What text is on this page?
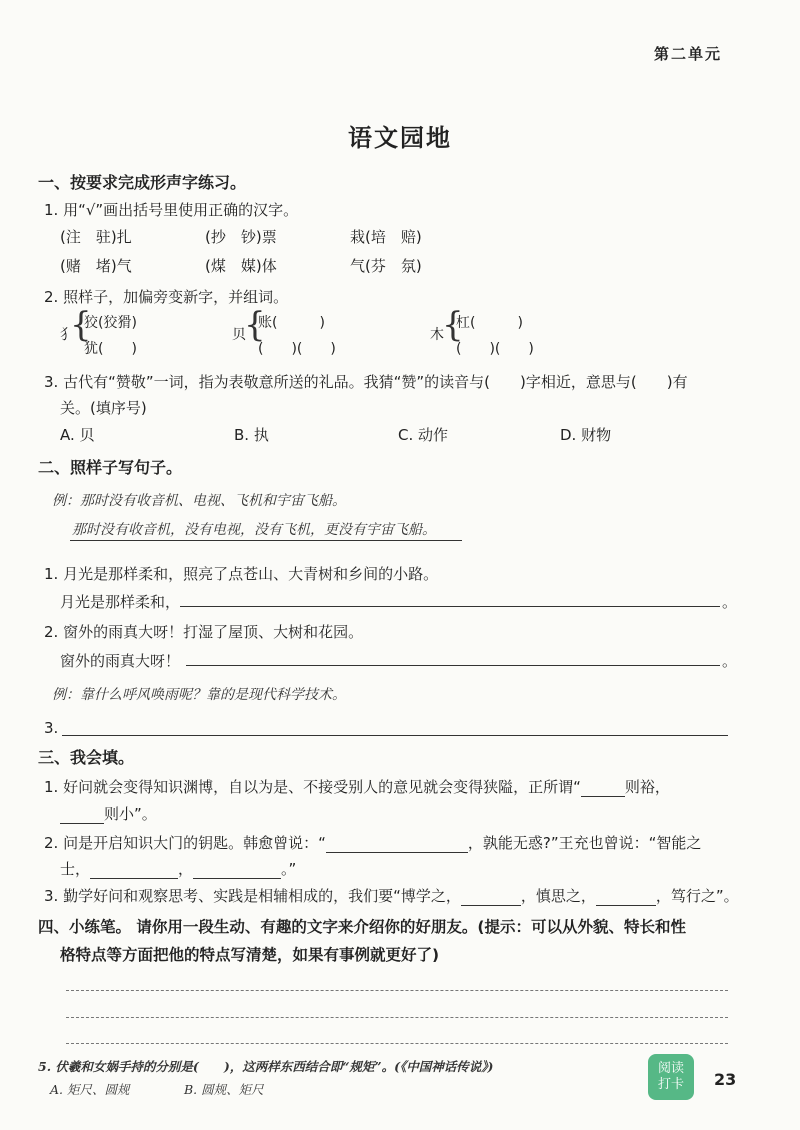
第二单元
语文园地
一、按要求完成形声字练习。
1. 用“√”画出括号里使用正确的汉字。
(注　驻)扎	(抄　钞)票	栽(培　赔)
(赌　堵)气	(煤　媒)体	气(芬　氛)
2. 照样子，加偏旁变新字，并组词。
犭
{
狡(狡猾)
犹(　　)
贝
{
账(　　　)
(　　)(　　)
木
{
杠(　　　)
(　　)(　　)
3. 古代有“赞敬”一词，指为表敬意所送的礼品。我猜“赞”的读音与(　　)字相近，意思与(　　)有
关。(填序号)
A. 贝	B. 执	C. 动作	D. 财物
二、照样子写句子。
例：那时没有收音机、电视、飞机和宇宙飞船。
那时没有收音机，没有电视，没有飞机，更没有宇宙飞船。
1. 月光是那样柔和，照亮了点苍山、大青树和乡间的小路。
月光是那样柔和，	。
2. 窗外的雨真大呀！打湿了屋顶、大树和花园。
窗外的雨真大呀！	。
例：靠什么呼风唤雨呢？靠的是现代科学技术。
3.
三、我会填。
1. 好问就会变得知识渊博，自以为是、不接受别人的意见就会变得狭隘，正所谓“	则裕，
则小”。
2. 问是开启知识大门的钥匙。韩愈曾说：“	，孰能无惑?”王充也曾说：“智能之
士，	，	。”
3. 勤学好问和观察思考、实践是相辅相成的，我们要“博学之，	，慎思之，	，笃行之”。
四、小练笔。 请你用一段生动、有趣的文字来介绍你的好朋友。(提示：可以从外貌、特长和性
格特点等方面把他的特点写清楚，如果有事例就更好了)
5. 伏羲和女娲手持的分别是(　　)，这两样东西结合即“规矩”。(《中国神话传说》)
A. 矩尺、圆规	B. 圆规、矩尺
阅读
打卡	23
